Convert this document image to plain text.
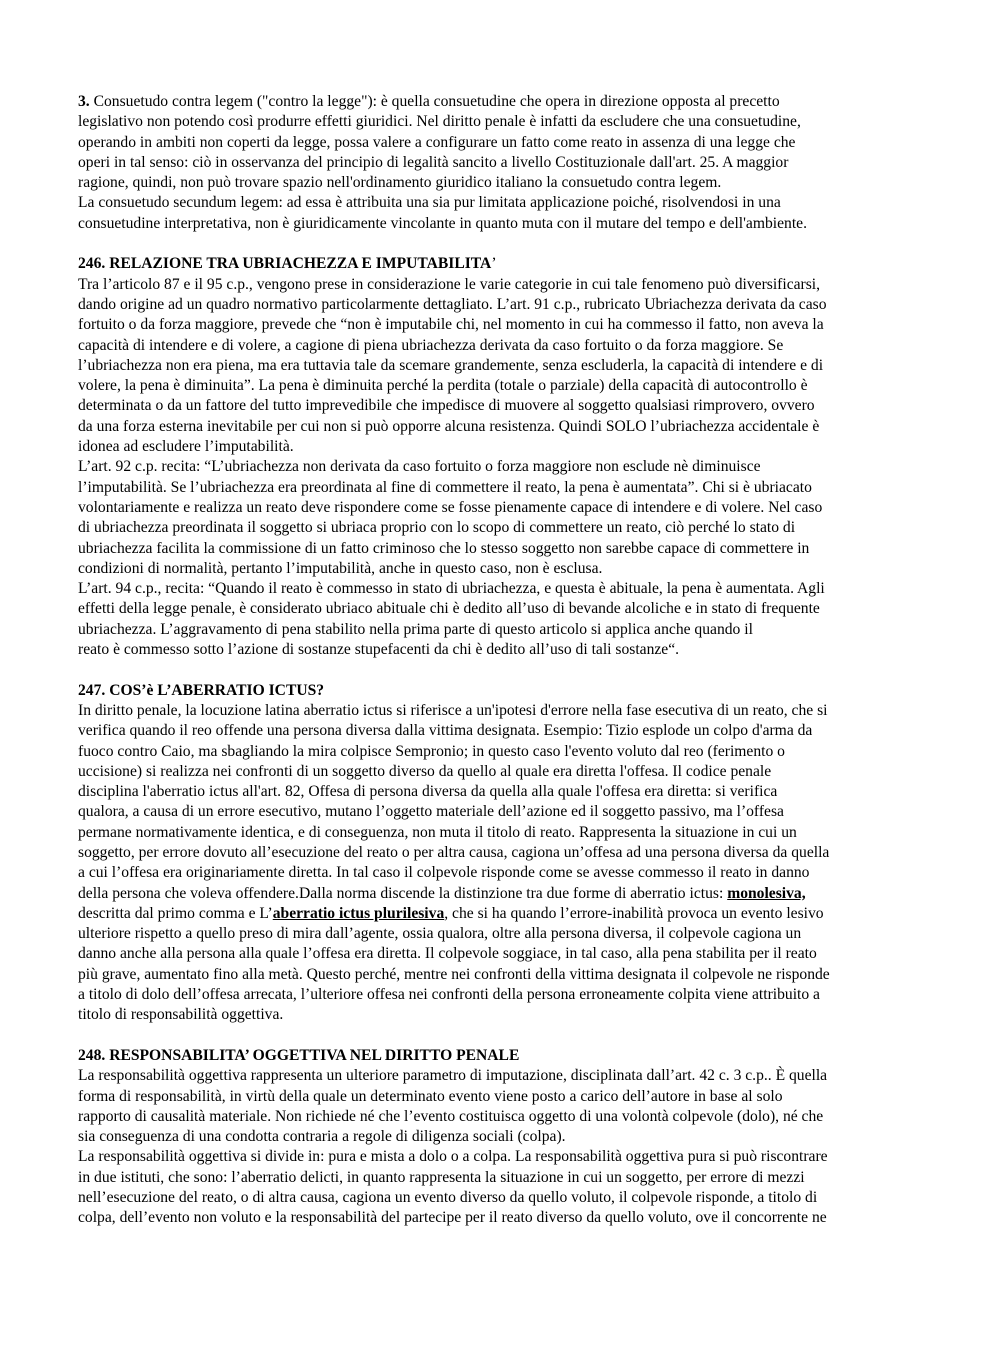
3. Consuetudo contra legem ("contro la legge"): è quella consuetudine che opera in direzione opposta al precetto

legislativo non potendo così produrre effetti giuridici. Nel diritto penale è infatti da escludere che una consuetudine,

operando in ambiti non coperti da legge, possa valere a configurare un fatto come reato in assenza di una legge che

operi in tal senso: ciò in osservanza del principio di legalità sancito a livello Costituzionale dall'art. 25. A maggior

ragione, quindi, non può trovare spazio nell'ordinamento giuridico italiano la consuetudo contra legem.

La consuetudo secundum legem: ad essa è attribuita una sia pur limitata applicazione poiché, risolvendosi in una

consuetudine interpretativa, non è giuridicamente vincolante in quanto muta con il mutare del tempo e dell'ambiente.

246. RELAZIONE TRA UBRIACHEZZA E IMPUTABILITA’

Tra l’articolo 87 e il 95 c.p., vengono prese in considerazione le varie categorie in cui tale fenomeno può diversificarsi,

dando origine ad un quadro normativo particolarmente dettagliato. L’art. 91 c.p., rubricato Ubriachezza derivata da caso

fortuito o da forza maggiore, prevede che “non è imputabile chi, nel momento in cui ha commesso il fatto, non aveva la

capacità di intendere e di volere, a cagione di piena ubriachezza derivata da caso fortuito o da forza maggiore. Se

l’ubriachezza non era piena, ma era tuttavia tale da scemare grandemente, senza escluderla, la capacità di intendere e di

volere, la pena è diminuita”. La pena è diminuita perché la perdita (totale o parziale) della capacità di autocontrollo è

determinata o da un fattore del tutto imprevedibile che impedisce di muovere al soggetto qualsiasi rimprovero, ovvero

da una forza esterna inevitabile per cui non si può opporre alcuna resistenza. Quindi SOLO l’ubriachezza accidentale è

idonea ad escludere l’imputabilità.

L’art. 92 c.p. recita: “L’ubriachezza non derivata da caso fortuito o forza maggiore non esclude nè diminuisce

l’imputabilità. Se l’ubriachezza era preordinata al fine di commettere il reato, la pena è aumentata”. Chi si è ubriacato

volontariamente e realizza un reato deve rispondere come se fosse pienamente capace di intendere e di volere. Nel caso

di ubriachezza preordinata il soggetto si ubriaca proprio con lo scopo di commettere un reato, ciò perché lo stato di

ubriachezza facilita la commissione di un fatto criminoso che lo stesso soggetto non sarebbe capace di commettere in

condizioni di normalità, pertanto l’imputabilità, anche in questo caso, non è esclusa.

L’art. 94 c.p., recita: “Quando il reato è commesso in stato di ubriachezza, e questa è abituale, la pena è aumentata. Agli

effetti della legge penale, è considerato ubriaco abituale chi è dedito all’uso di bevande alcoliche e in stato di frequente

ubriachezza. L’aggravamento di pena stabilito nella prima parte di questo articolo si applica anche quando il

reato è commesso sotto l’azione di sostanze stupefacenti da chi è dedito all’uso di tali sostanze“.

247. COS’è L’ABERRATIO ICTUS?

In diritto penale, la locuzione latina aberratio ictus si riferisce a un'ipotesi d'errore nella fase esecutiva di un reato, che si

verifica quando il reo offende una persona diversa dalla vittima designata. Esempio: Tizio esplode un colpo d'arma da

fuoco contro Caio, ma sbagliando la mira colpisce Sempronio; in questo caso l'evento voluto dal reo (ferimento o

uccisione) si realizza nei confronti di un soggetto diverso da quello al quale era diretta l'offesa. Il codice penale

disciplina l'aberratio ictus all'art. 82, Offesa di persona diversa da quella alla quale l'offesa era diretta: si verifica

qualora, a causa di un errore esecutivo, mutano l’oggetto materiale dell’azione ed il soggetto passivo, ma l’offesa

permane normativamente identica, e di conseguenza, non muta il titolo di reato. Rappresenta la situazione in cui un

soggetto, per errore dovuto all’esecuzione del reato o per altra causa, cagiona un’offesa ad una persona diversa da quella

a cui l’offesa era originariamente diretta. In tal caso il colpevole risponde come se avesse commesso il reato in danno

della persona che voleva offendere.Dalla norma discende la distinzione tra due forme di aberratio ictus: monolesiva,

descritta dal primo comma e L’aberratio ictus plurilesiva, che si ha quando l’errore-inabilità provoca un evento lesivo

ulteriore rispetto a quello preso di mira dall’agente, ossia qualora, oltre alla persona diversa, il colpevole cagiona un

danno anche alla persona alla quale l’offesa era diretta. Il colpevole soggiace, in tal caso, alla pena stabilita per il reato

più grave, aumentato fino alla metà. Questo perché, mentre nei confronti della vittima designata il colpevole ne risponde

a titolo di dolo dell’offesa arrecata, l’ulteriore offesa nei confronti della persona erroneamente colpita viene attribuito a

titolo di responsabilità oggettiva.

248. RESPONSABILITA’ OGGETTIVA NEL DIRITTO PENALE

La responsabilità oggettiva rappresenta un ulteriore parametro di imputazione, disciplinata dall’art. 42 c. 3 c.p.. È quella

forma di responsabilità, in virtù della quale un determinato evento viene posto a carico dell’autore in base al solo

rapporto di causalità materiale. Non richiede né che l’evento costituisca oggetto di una volontà colpevole (dolo), né che

sia conseguenza di una condotta contraria a regole di diligenza sociali (colpa).

La responsabilità oggettiva si divide in: pura e mista a dolo o a colpa. La responsabilità oggettiva pura si può riscontrare

in due istituti, che sono: l’aberratio delicti, in quanto rappresenta la situazione in cui un soggetto, per errore di mezzi

nell’esecuzione del reato, o di altra causa, cagiona un evento diverso da quello voluto, il colpevole risponde, a titolo di

colpa, dell’evento non voluto e la responsabilità del partecipe per il reato diverso da quello voluto, ove il concorrente ne
